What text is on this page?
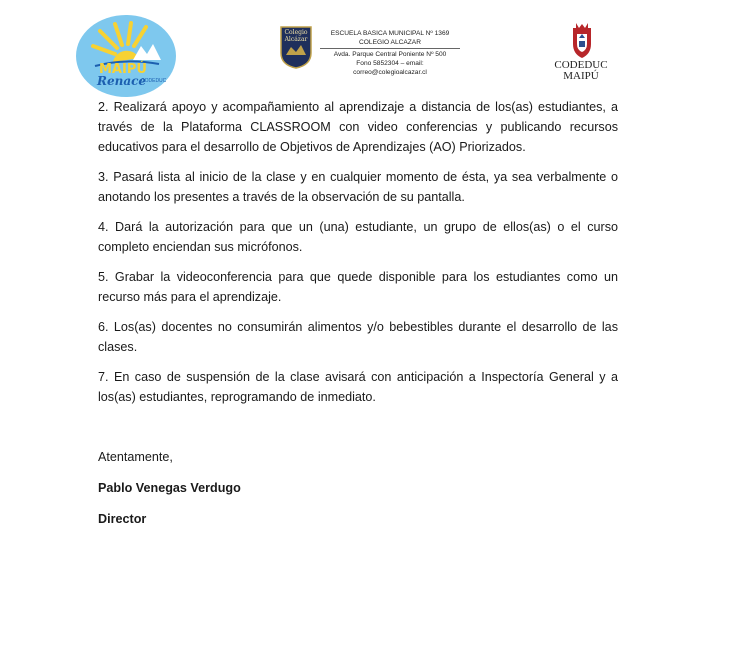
MAIPÚ
Renace
CODEDUC
Colegio Alcázar
ESCUELA BASICA MUNICIPAL Nº 1369
COLEGIO ALCAZAR
Avda. Parque Central Poniente Nº 500
Fono 5852304 – email: correo@colegioalcazar.cl
CODEDUC
MAIPÚ

2. Realizará apoyo y acompañamiento al aprendizaje a distancia de los(as) estudiantes, a través de la Plataforma CLASSROOM con video conferencias y publicando recursos educativos para el desarrollo de Objetivos de Aprendizajes (AO) Priorizados.

3. Pasará lista al inicio de la clase y en cualquier momento de ésta, ya sea verbalmente o anotando los presentes a través de la observación de su pantalla.

4. Dará la autorización para que un (una) estudiante, un grupo de ellos(as) o el curso completo enciendan sus micrófonos.

5. Grabar la videoconferencia para que quede disponible para los estudiantes como un recurso más para el aprendizaje.

6. Los(as) docentes no consumirán alimentos y/o bebestibles durante el desarrollo de las clases.

7. En caso de suspensión de la clase avisará con anticipación a Inspectoría General y a los(as) estudiantes, reprogramando de inmediato.

Atentamente,

Pablo Venegas Verdugo

Director
